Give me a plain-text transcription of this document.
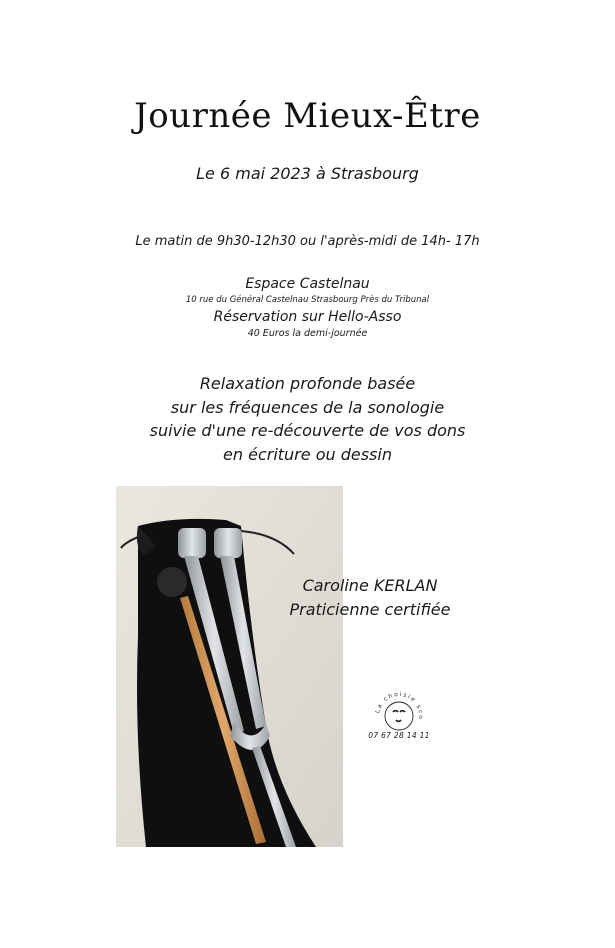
Journée Mieux-Être
Le 6 mai 2023 à Strasbourg
Le matin de 9h30-12h30 ou l'après-midi de 14h- 17h
Espace Castelnau
10 rue du Général Castelnau Strasbourg Près du Tribunal
Réservation sur Hello-Asso
40 Euros la demi-journée
Relaxation profonde basée
sur les fréquences de la sonologie
suivie d'une re-découverte de vos dons
en écriture ou dessin
Caroline KERLAN
Praticienne certifiée
La choisie sco
07 67 28 14 11
